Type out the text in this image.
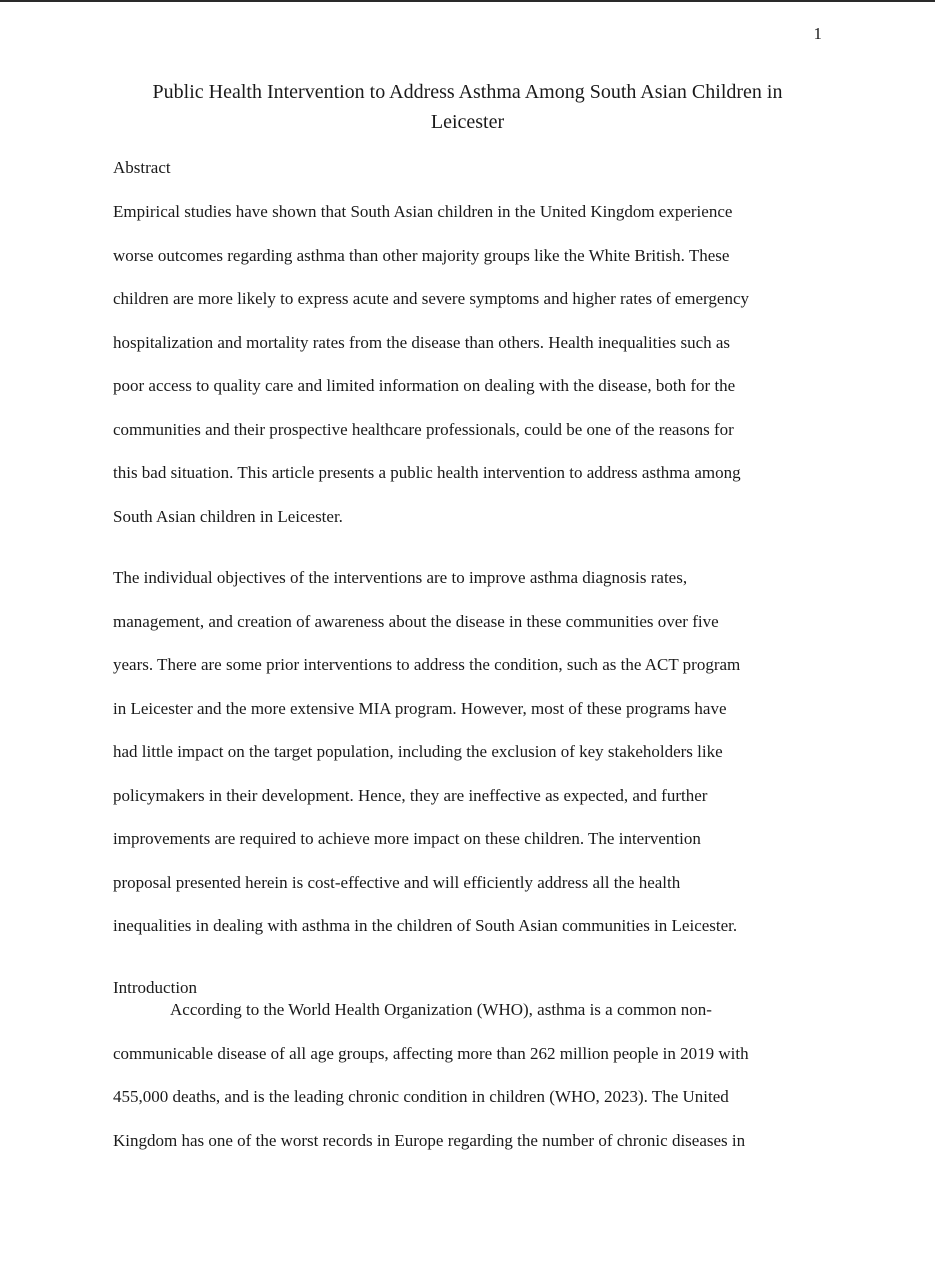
1
Public Health Intervention to Address Asthma Among South Asian Children in
Leicester
Abstract

Empirical studies have shown that South Asian children in the United Kingdom experience
worse outcomes regarding asthma than other majority groups like the White British. These
children are more likely to express acute and severe symptoms and higher rates of emergency
hospitalization and mortality rates from the disease than others. Health inequalities such as
poor access to quality care and limited information on dealing with the disease, both for the
communities and their prospective healthcare professionals, could be one of the reasons for
this bad situation. This article presents a public health intervention to address asthma among
South Asian children in Leicester.

The individual objectives of the interventions are to improve asthma diagnosis rates,
management, and creation of awareness about the disease in these communities over five
years. There are some prior interventions to address the condition, such as the ACT program
in Leicester and the more extensive MIA program. However, most of these programs have
had little impact on the target population, including the exclusion of key stakeholders like
policymakers in their development. Hence, they are ineffective as expected, and further
improvements are required to achieve more impact on these children. The intervention
proposal presented herein is cost-effective and will efficiently address all the health
inequalities in dealing with asthma in the children of South Asian communities in Leicester.

Introduction

According to the World Health Organization (WHO), asthma is a common non-
communicable disease of all age groups, affecting more than 262 million people in 2019 with
455,000 deaths, and is the leading chronic condition in children (WHO, 2023). The United
Kingdom has one of the worst records in Europe regarding the number of chronic diseases in
